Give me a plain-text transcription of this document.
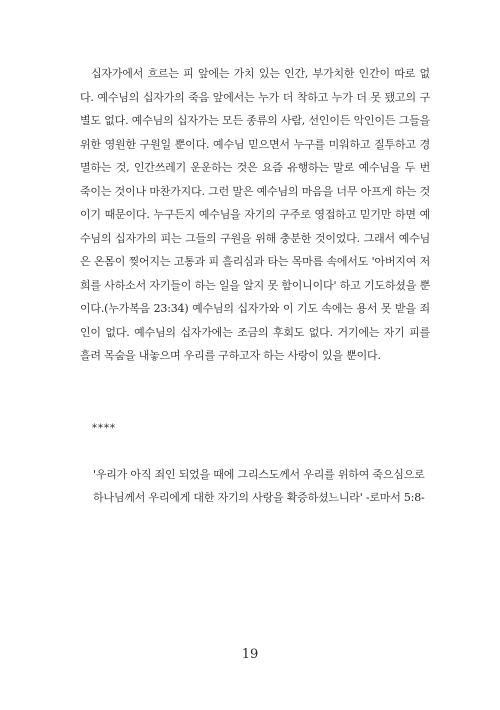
십자가에서 흐르는 피 앞에는 가치 있는 인간, 부가치한 인간이 따로 없다. 예수님의 십자가의 죽음 앞에서는 누가 더 착하고 누가 더 못 됐고의 구별도 없다. 예수님의 십자가는 모든 종류의 사람, 선인이든 악인이든 그들을 위한 영원한 구원일 뿐이다. 예수님 믿으면서 누구를 미워하고 질투하고 경멸하는 것, 인간쓰레기 운운하는 것은 요즘 유행하는 말로 예수님을 두 번 죽이는 것이나 마찬가지다. 그런 말은 예수님의 마음을 너무 아프게 하는 것이기 때문이다. 누구든지 예수님을 자기의 구주로 영접하고 믿기만 하면 예수님의 십자가의 피는 그들의 구원을 위해 충분한 것이었다. 그래서 예수님은 온몸이 찢어지는 고통과 피 흘리심과 타는 목마름 속에서도 '아버지여 저희를 사하소서 자기들이 하는 일을 알지 못 함이니이다' 하고 기도하셨을 뿐이다.(누가복음 23:34) 예수님의 십자가와 이 기도 속에는 용서 못 받을 죄인이 없다. 예수님의 십자가에는 조금의 후회도 없다. 거기에는 자기 피를 흘려 목숨을 내놓으며 우리를 구하고자 하는 사랑이 있을 뿐이다.

****

'우리가 아직 죄인 되었을 때에 그리스도께서 우리를 위하여 죽으심으로 하나님께서 우리에게 대한 자기의 사랑을 확증하셨느니라' -로마서 5:8-

19
